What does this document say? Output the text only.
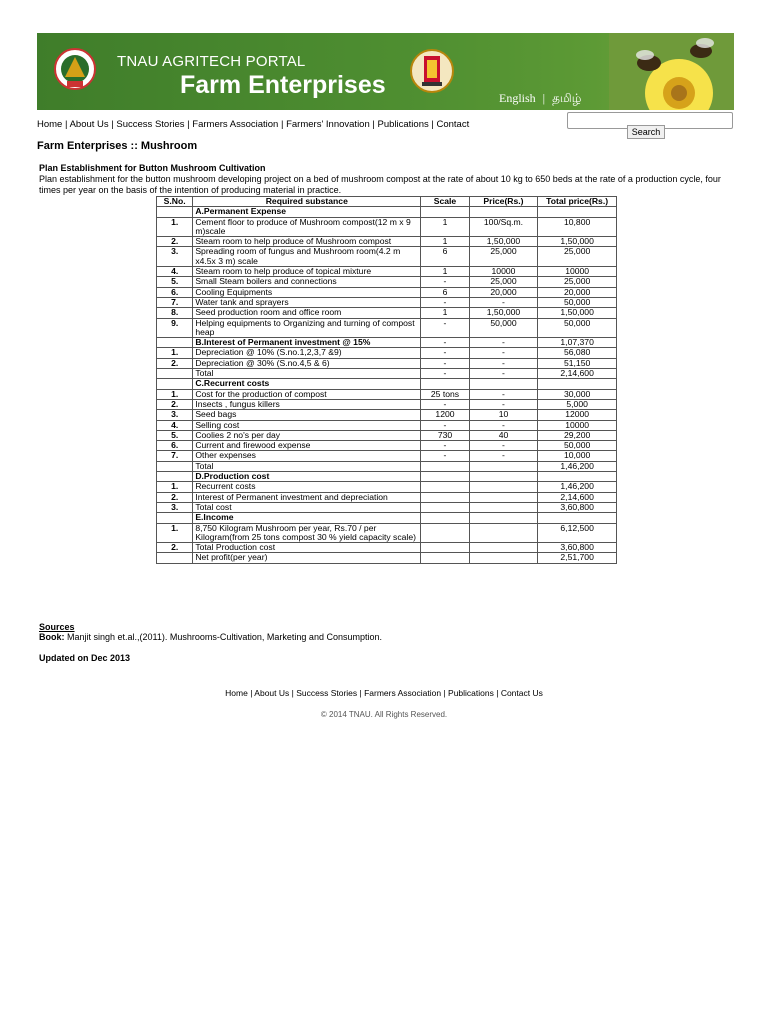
TNAU AGRITECH PORTAL
Farm Enterprises	English | தமிழ்
Home | About Us | Success Stories | Farmers Association | Farmers' Innovation | Publications | Contact
Search
Farm Enterprises :: Mushroom
Plan Establishment for Button Mushroom Cultivation
Plan establishment for the button mushroom developing project on a bed of mushroom compost at the rate of about 10 kg to 650 beds at the rate of a production cycle, four times per year on the basis of the intention of producing material in practice.
S.No.	Required substance	Scale	Price(Rs.)	Total price(Rs.)
	A.Permanent Expense			
1.	Cement floor to produce of Mushroom compost(12 m x 9 m)scale	1	100/Sq.m.	10,800
2.	Steam room to help produce of Mushroom compost	1	1,50,000	1,50,000
3.	Spreading room of fungus and Mushroom room(4.2 m x4.5x 3 m) scale	6	25,000	25,000
4.	Steam room to help produce of topical mixture	1	10000	10000
5.	Small Steam boilers and connections	-	25,000	25,000
6.	Cooling Equipments	6	20,000	20,000
7.	Water tank and sprayers	-	-	50,000
8.	Seed production room and office room	1	1,50,000	1,50,000
9.	Helping equipments to Organizing and turning of compost heap	-	50,000	50,000
	B.Interest of Permanent investment @ 15%	-	-	1,07,370
1.	Depreciation @ 10% (S.no.1,2,3,7 &9)	-	-	56,080
2.	Depreciation @ 30% (S.no.4,5 & 6)	-	-	51,150
	Total	-	-	2,14,600
	C.Recurrent costs			
1.	Cost for the production of compost	25 tons	-	30,000
2.	Insects , fungus killers	-	-	5,000
3.	Seed bags	1200	10	12000
4.	Selling cost	-	-	10000
5.	Coolies 2 no's per day	730	40	29,200
6.	Current and firewood expense	-	-	50,000
7.	Other expenses	-	-	10,000
	Total			1,46,200
	D.Production cost			
1.	Recurrent costs			1,46,200
2.	Interest of Permanent investment and depreciation			2,14,600
3.	Total cost			3,60,800
	E.Income			
1.	8,750 Kilogram Mushroom per year, Rs.70 / per Kilogram(from 25 tons compost 30 % yield capacity scale)			6,12,500
2.	Total Production cost			3,60,800
	Net profit(per year)			2,51,700
Sources
Book: Manjit singh et.al.,(2011). Mushrooms-Cultivation, Marketing and Consumption.
Updated on Dec 2013
Home | About Us | Success Stories | Farmers Association | Publications | Contact Us
© 2014 TNAU. All Rights Reserved.
